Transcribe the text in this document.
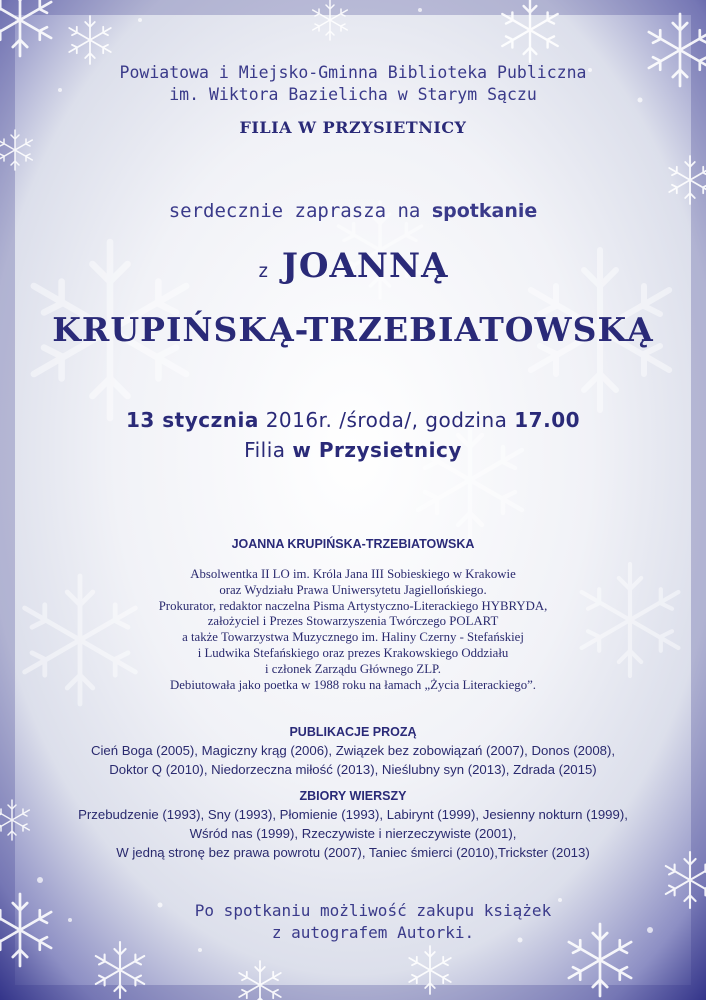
Powiatowa i Miejsko-Gminna Biblioteka Publiczna
im. Wiktora Bazielicha w Starym Sączu
FILIA W PRZYSIETNICY
serdecznie zaprasza na spotkanie
z JOANNĄ
KRUPIŃSKĄ-TRZEBIATOWSKĄ
13 stycznia 2016r. /środa/, godzina 17.00
Filia w Przysietnicy
JOANNA KRUPIŃSKA-TRZEBIATOWSKA
Absolwentka II LO im. Króla Jana III Sobieskiego w Krakowie
oraz Wydziału Prawa Uniwersytetu Jagiellońskiego.
Prokurator, redaktor naczelna Pisma Artystyczno-Literackiego HYBRYDA,
założyciel i Prezes Stowarzyszenia Twórczego POLART
a także Towarzystwa Muzycznego im. Haliny Czerny - Stefańskiej
i Ludwika Stefańskiego oraz prezes Krakowskiego Oddziału
i członek Zarządu Głównego ZLP.
Debiutowała jako poetka w 1988 roku na łamach „Życia Literackiego”.
PUBLIKACJE PROZĄ
Cień Boga (2005), Magiczny krąg (2006), Związek bez zobowiązań (2007), Donos (2008),
Doktor Q (2010), Niedorzeczna miłość (2013), Nieślubny syn (2013), Zdrada (2015)
ZBIORY WIERSZY
Przebudzenie (1993), Sny (1993), Płomienie (1993), Labirynt (1999), Jesienny nokturn (1999),
Wśród nas (1999), Rzeczywiste i nierzeczywiste (2001),
W jedną stronę bez prawa powrotu (2007), Taniec śmierci (2010),Trickster (2013)
Po spotkaniu możliwość zakupu książek
z autografem Autorki.
